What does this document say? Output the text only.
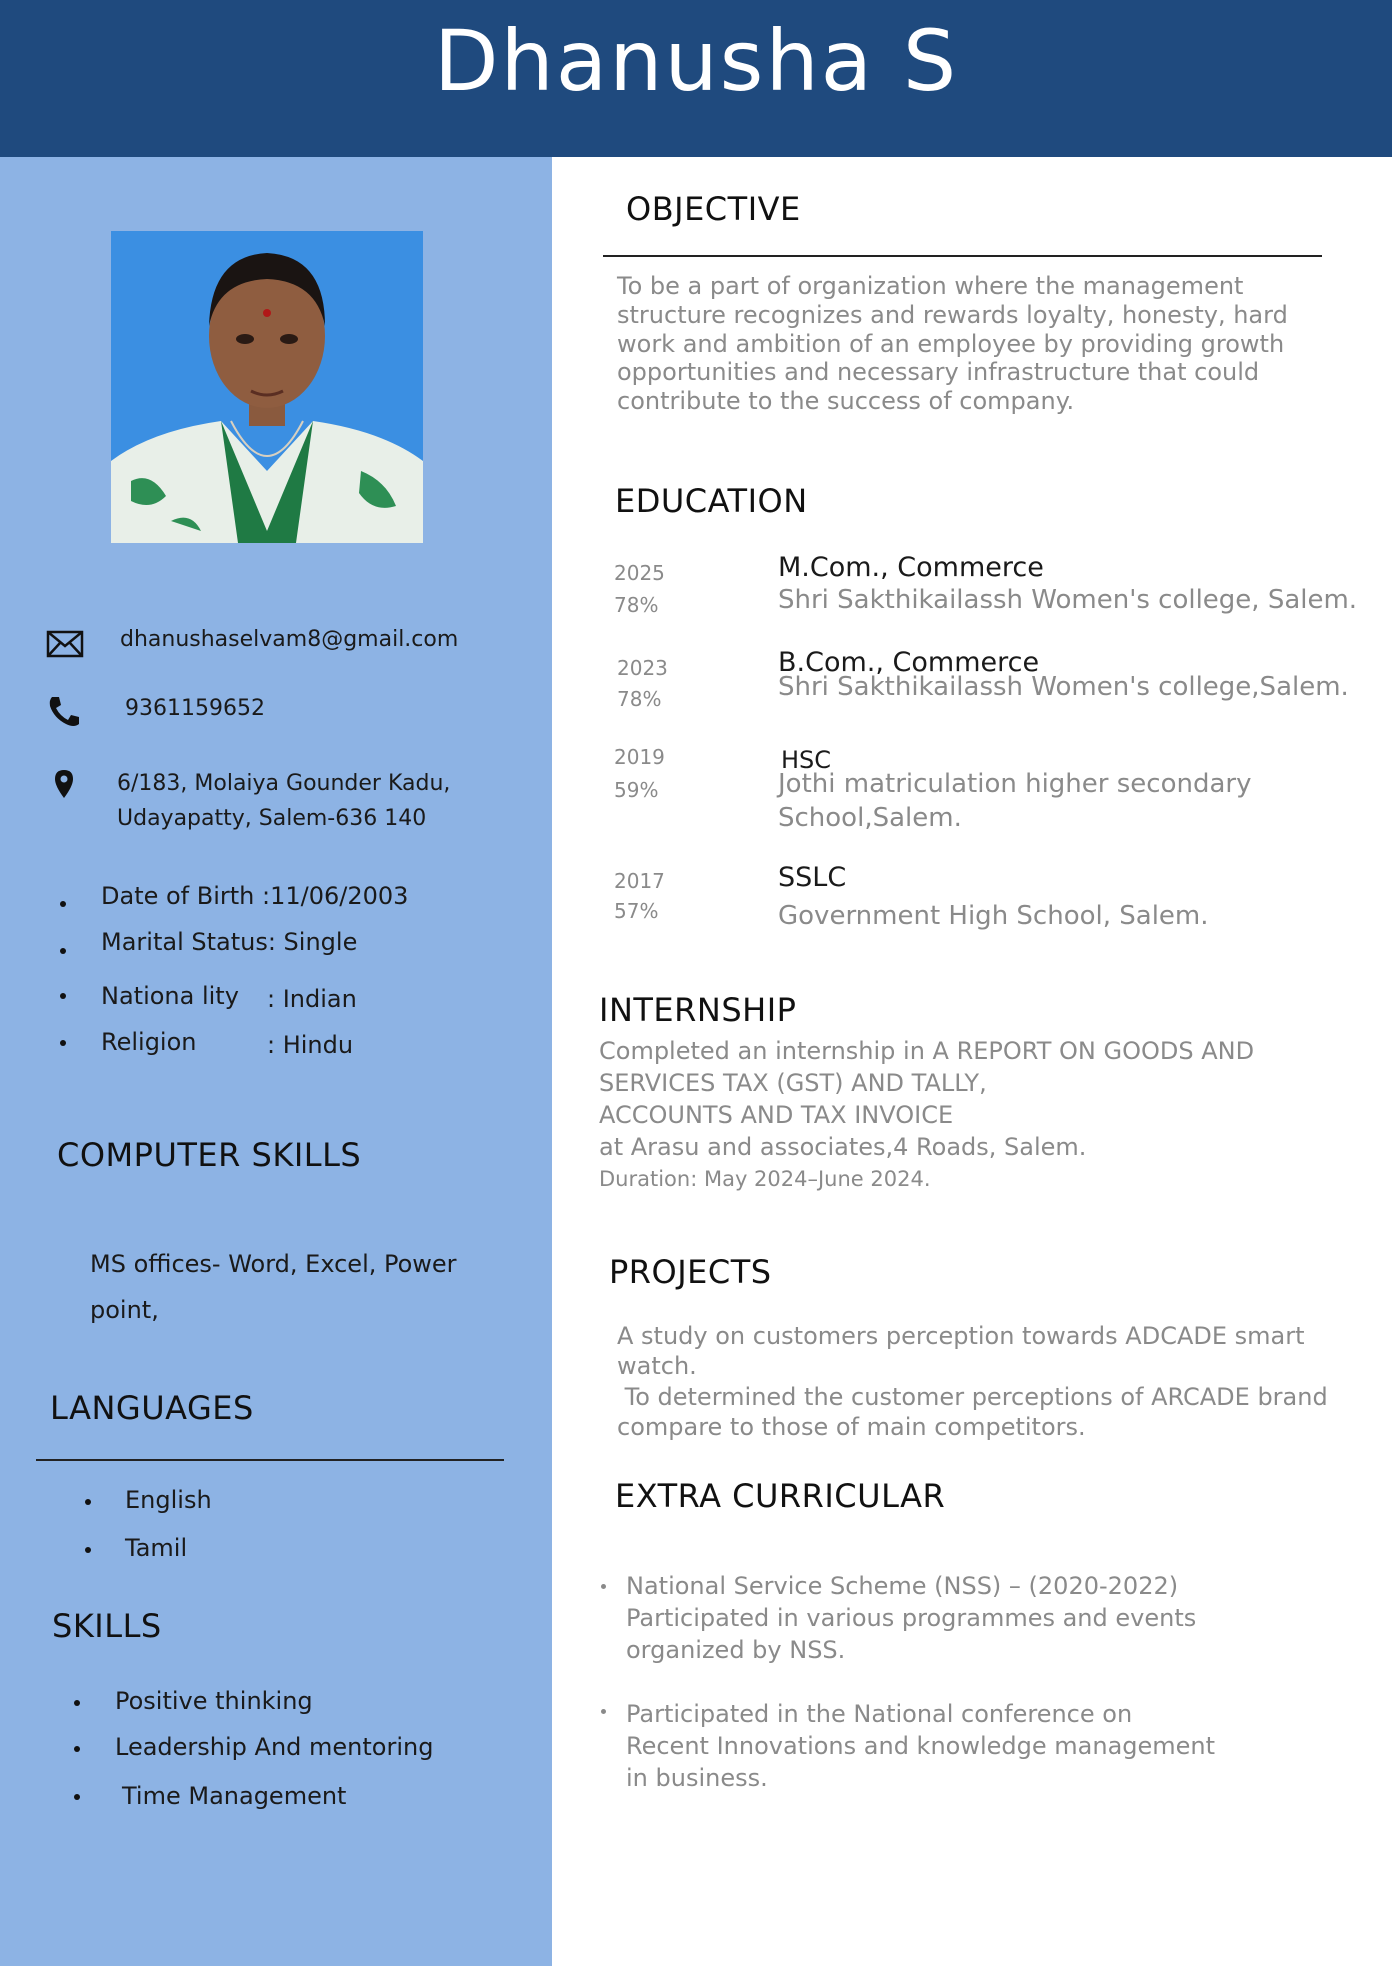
Dhanusha S
dhanushaselvam8@gmail.com
9361159652
6/183, Molaiya Gounder Kadu,
Udayapatty, Salem-636 140
Date of Birth :11/06/2003
Marital Status: Single
Nationa lity : Indian
Religion	: Hindu
COMPUTER SKILLS
MS offices- Word, Excel, Power
point,
LANGUAGES
English
Tamil
SKILLS
Positive thinking
Leadership And mentoring
Time Management
OBJECTIVE
To be a part of organization where the management
structure recognizes and rewards loyalty, honesty, hard
work and ambition of an employee by providing growth
opportunities and necessary infrastructure that could
contribute to the success of company.
EDUCATION
2025
78%
M.Com., Commerce
Shri Sakthikailassh Women's college, Salem.
2023
78%
B.Com., Commerce
Shri Sakthikailassh Women's college,Salem.
2019
59%
HSC
Jothi matriculation higher secondary
School,Salem.
2017
57%
SSLC
Government High School, Salem.
INTERNSHIP
Completed an internship in A REPORT ON GOODS AND
SERVICES TAX (GST) AND TALLY,
ACCOUNTS AND TAX INVOICE
at Arasu and associates,4 Roads, Salem.
Duration: May 2024–June 2024.
PROJECTS
A study on customers perception towards ADCADE smart
watch.
To determined the customer perceptions of ARCADE brand
compare to those of main competitors.
EXTRA CURRICULAR
National Service Scheme (NSS) – (2020-2022)
Participated in various programmes and events
organized by NSS.
Participated in the National conference on
Recent Innovations and knowledge management
in business.
